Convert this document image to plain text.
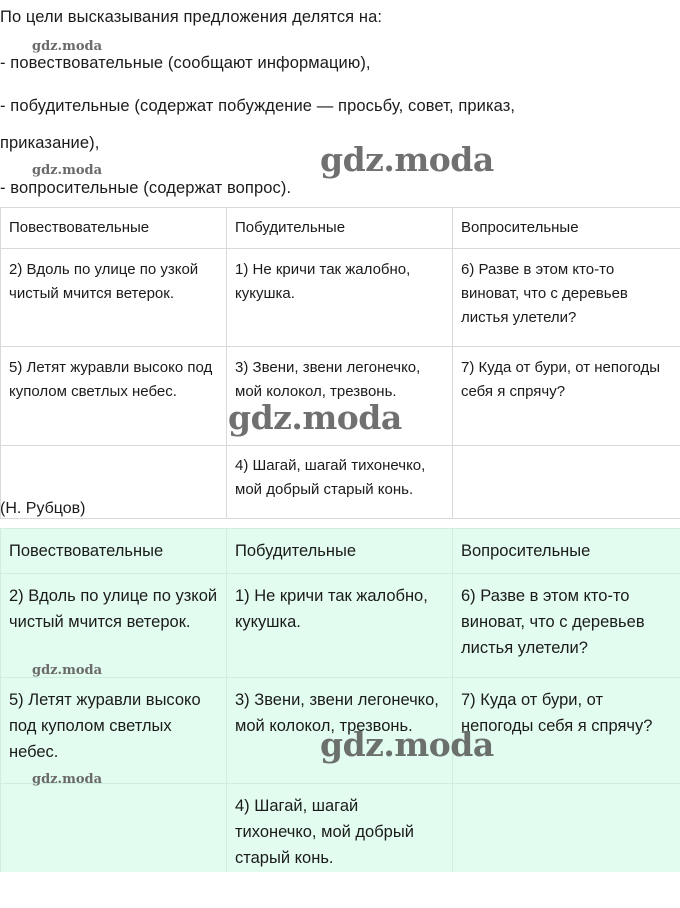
По цели высказывания предложения делятся на:

- повествовательные (сообщают информацию),

- побудительные (содержат побуждение — просьбу, совет, приказ,

приказание),

- вопросительные (содержат вопрос).

Повествовательные	Побудительные	Вопросительные
2) Вдоль по улице по узкой чистый мчится ветерок.	1) Не кричи так жалобно, кукушка.	6) Разве в этом кто-то виноват, что с деревьев листья улетели?
5) Летят журавли высоко под куполом светлых небес.	3) Звени, звени легонечко, мой колокол, трезвонь.	7) Куда от бури, от непогоды себя я спрячу?
	4) Шагай, шагай тихонечко, мой добрый старый конь.	
(Н. Рубцов)
Повествовательные	Побудительные	Вопросительные
2) Вдоль по улице по узкой чистый мчится ветерок.	1) Не кричи так жалобно, кукушка.	6) Разве в этом кто-то виноват, что с деревьев листья улетели?
5) Летят журавли высоко под куполом светлых небес.	3) Звени, звени легонечко, мой колокол, трезвонь.	7) Куда от бури, от непогоды себя я спрячу?
	4) Шагай, шагай тихонечко, мой добрый старый конь.	

gdz.moda
gdz.moda	gdz.moda
gdz.moda
gdz.moda
gdz.moda
gdz.moda
